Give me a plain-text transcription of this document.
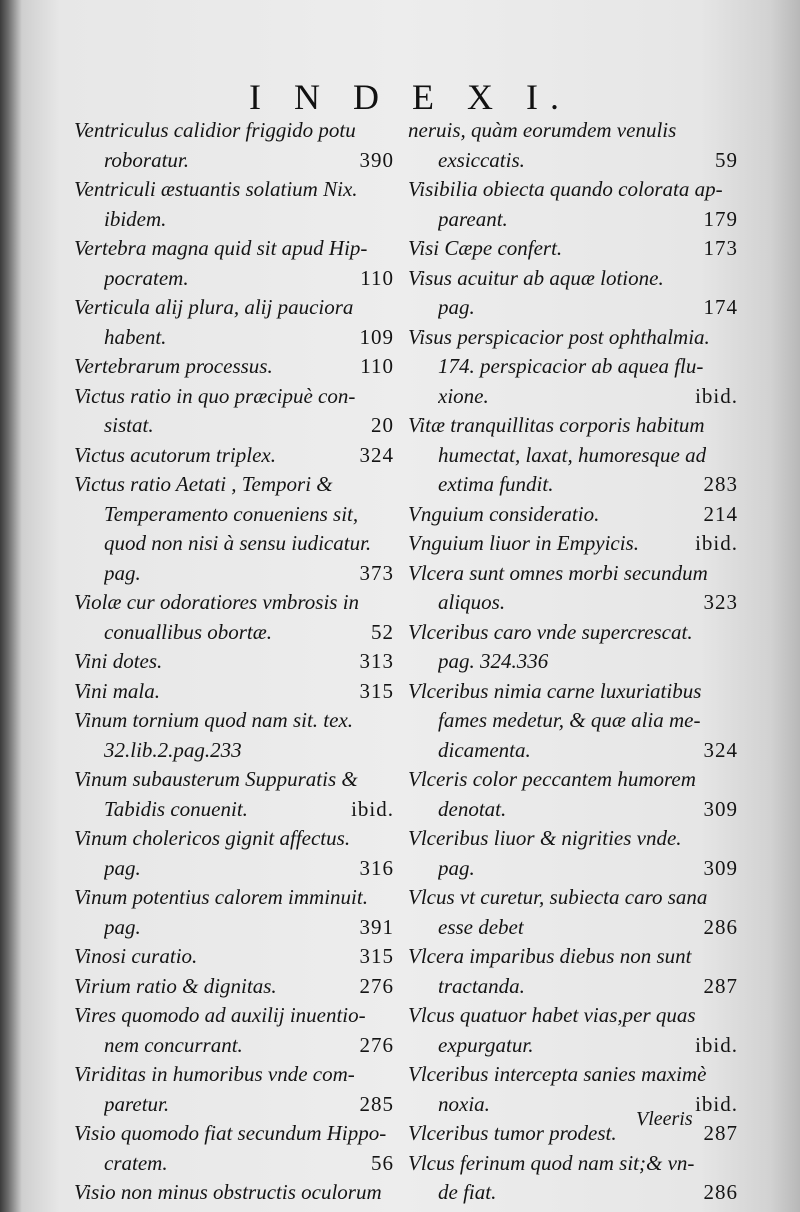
I N D E X I.
Ventriculus calidior friggido potu
roboratur.	390
Ventriculi æstuantis solatium Nix.
ibidem.
Vertebra magna quid sit apud Hip-
pocratem.	110
Verticula alij plura, alij pauciora
habent.	109
Vertebrarum processus.	110
Victus ratio in quo præcipuè con-
sistat.	20
Victus acutorum triplex.	324
Victus ratio Aetati , Tempori &
Temperamento conueniens sit,
quod non nisi à sensu iudicatur.
pag.	373
Violæ cur odoratiores vmbrosis in
conuallibus obortæ.	52
Vini dotes.	313
Vini mala.	315
Vinum tornium quod nam sit. tex.
32.lib.2.pag.233
Vinum subausterum Suppuratis &
Tabidis conuenit.	ibid.
Vinum cholericos gignit affectus.
pag.	316
Vinum potentius calorem imminuit.
pag.	391
Vinosi curatio.	315
Virium ratio & dignitas.	276
Vires quomodo ad auxilij inuentio-
nem concurrant.	276
Viriditas in humoribus vnde com-
paretur.	285
Visio quomodo fiat secundum Hippo-
cratem.	56
Visio non minus obstructis oculorum
neruis, quàm eorumdem venulis
exsiccatis.	59
Visibilia obiecta quando colorata ap-
pareant.	179
Visi Cæpe confert.	173
Visus acuitur ab aquæ lotione.
pag.	174
Visus perspicacior post ophthalmia.
174. perspicacior ab aquea flu-
xione.	ibid.
Vitæ tranquillitas corporis habitum
humectat, laxat, humoresque ad
extima fundit.	283
Vnguium consideratio.	214
Vnguium liuor in Empyicis.	ibid.
Vlcera sunt omnes morbi secundum
aliquos.	323
Vlceribus caro vnde supercrescat.
pag. 324.336
Vlceribus nimia carne luxuriatibus
fames medetur, & quæ alia me-
dicamenta.	324
Vlceris color peccantem humorem
denotat.	309
Vlceribus liuor & nigrities vnde.
pag.	309
Vlcus vt curetur, subiecta caro sana
esse debet	286
Vlcera imparibus diebus non sunt
tractanda.	287
Vlcus quatuor habet vias,per quas
expurgatur.	ibid.
Vlceribus intercepta sanies maximè
noxia.	ibid.
Vlceribus tumor prodest.	287
Vlcus ferinum quod nam sit;& vn-
de fiat.	286
Vleeris
